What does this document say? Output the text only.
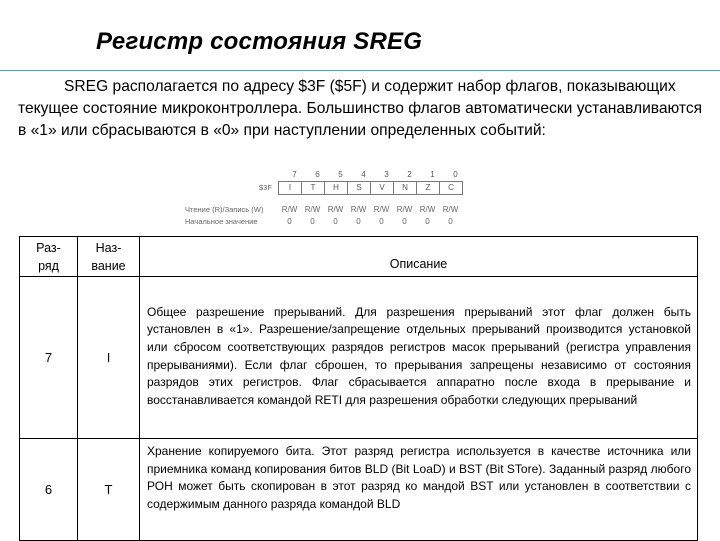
Регистр состояния SREG

SREG располагается по адресу $3F ($5F) и содержит набор флагов, показывающих текущее состояние микроконтроллера. Большинство флагов автоматически устанавливаются в «1» или сбрасываются в «0» при наступлении определенных событий:

7	6	5	4	3	2	1	0
$3F	I	T	H	S	V	N	Z	C
Чтение (R)/Запись (W)	R/W R/W R/W R/W R/W R/W R/W R/W
Начальное значение	0	0	0	0	0	0	0	0
Раз-ряд	Наз-вание	Описание
7	I	Общее разрешение прерываний. Для разрешения прерываний этот флаг должен быть установлен в «1». Разрешение/запрещение отдельных прерываний производится установкой или сбросом соответствующих разрядов регистров масок прерываний (регистра управления прерываниями). Если флаг сброшен, то прерывания запрещены независимо от состояния разрядов этих регистров. Флаг сбрасывается аппаратно после входа в прерывание и восстанавливается командой RETI для разрешения обработки следующих прерываний
6	T	Хранение копируемого бита. Этот разряд регистра используется в качестве источника или приемника команд копирования битов BLD (Bit LoaD) и BST (Bit STore). Заданный разряд любого РОН может быть скопирован в этот разряд ко мандой BST или установлен в соответствии с содержимым данного разряда командой BLD
